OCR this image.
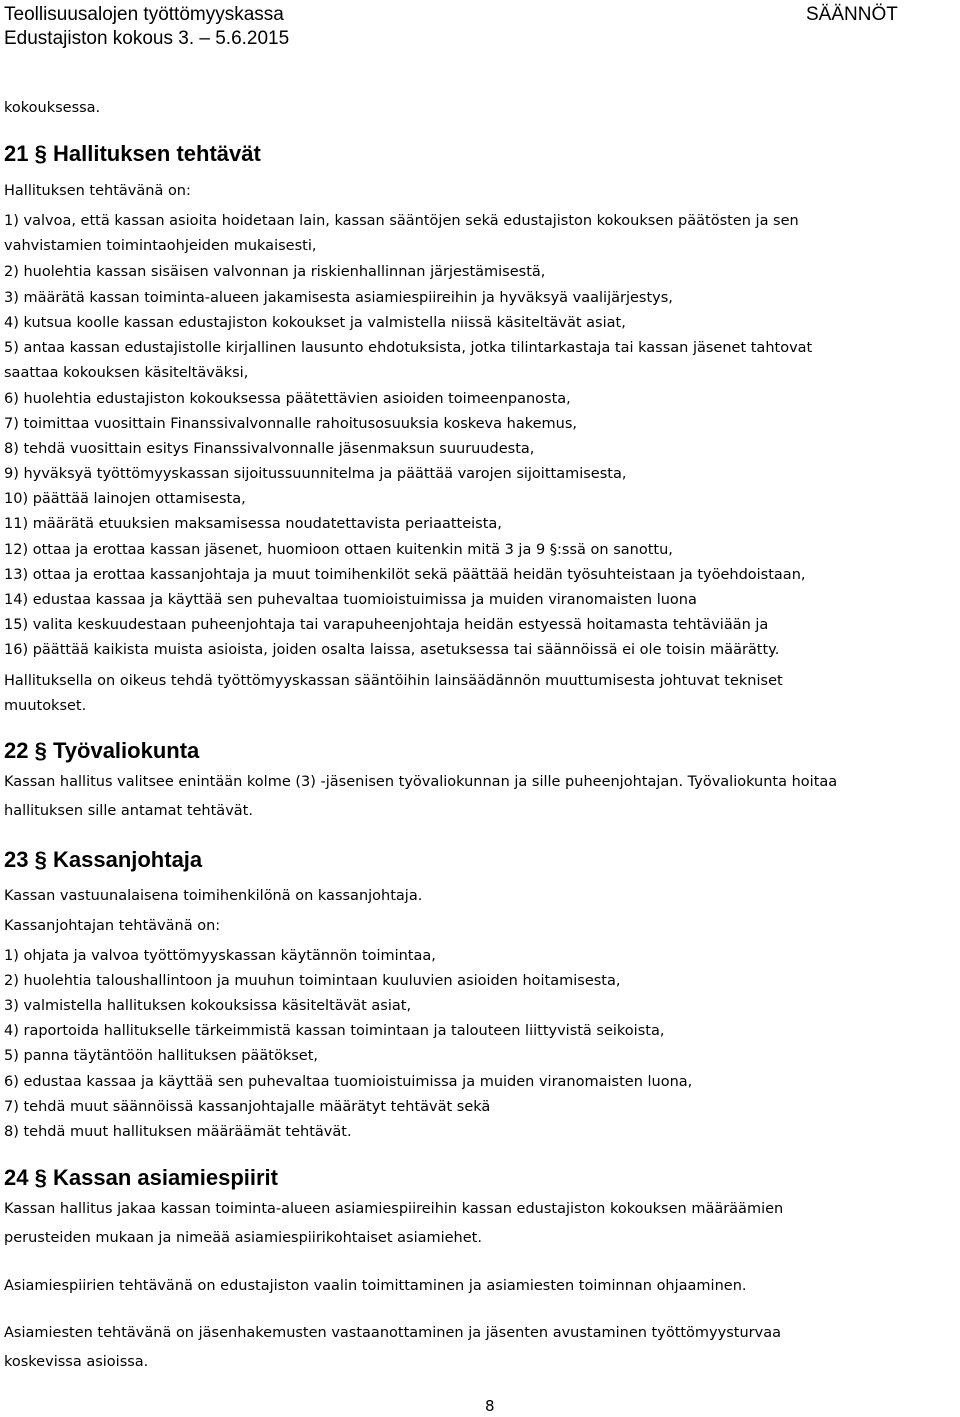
Teollisuusalojen työttömyyskassa
Edustajiston kokous 3. – 5.6.2015
SÄÄNNÖT
kokouksessa.
21 § Hallituksen tehtävät
Hallituksen tehtävänä on:
1) valvoa, että kassan asioita hoidetaan lain, kassan sääntöjen sekä edustajiston kokouksen päätösten ja sen
vahvistamien toimintaohjeiden mukaisesti,
2) huolehtia kassan sisäisen valvonnan ja riskienhallinnan järjestämisestä,
3) määrätä kassan toiminta-alueen jakamisesta asiamiespiireihin ja hyväksyä vaalijärjestys,
4) kutsua koolle kassan edustajiston kokoukset ja valmistella niissä käsiteltävät asiat,
5) antaa kassan edustajistolle kirjallinen lausunto ehdotuksista, jotka tilintarkastaja tai kassan jäsenet tahtovat
saattaa kokouksen käsiteltäväksi,
6) huolehtia edustajiston kokouksessa päätettävien asioiden toimeenpanosta,
7) toimittaa vuosittain Finanssivalvonnalle rahoitusosuuksia koskeva hakemus,
8) tehdä vuosittain esitys Finanssivalvonnalle jäsenmaksun suuruudesta,
9) hyväksyä työttömyyskassan sijoitussuunnitelma ja päättää varojen sijoittamisesta,
10) päättää lainojen ottamisesta,
11) määrätä etuuksien maksamisessa noudatettavista periaatteista,
12) ottaa ja erottaa kassan jäsenet, huomioon ottaen kuitenkin mitä 3 ja 9 §:ssä on sanottu,
13) ottaa ja erottaa kassanjohtaja ja muut toimihenkilöt sekä päättää heidän työsuhteistaan ja työehdoistaan,
14) edustaa kassaa ja käyttää sen puhevaltaa tuomioistuimissa ja muiden viranomaisten luona
15) valita keskuudestaan puheenjohtaja tai varapuheenjohtaja heidän estyessä hoitamasta tehtäviään ja
16) päättää kaikista muista asioista, joiden osalta laissa, asetuksessa tai säännöissä ei ole toisin määrätty.
Hallituksella on oikeus tehdä työttömyyskassan sääntöihin lainsäädännön muuttumisesta johtuvat tekniset
muutokset.
22 § Työvaliokunta
Kassan hallitus valitsee enintään kolme (3) -jäsenisen työvaliokunnan ja sille puheenjohtajan. Työvaliokunta hoitaa
hallituksen sille antamat tehtävät.
23 § Kassanjohtaja
Kassan vastuunalaisena toimihenkilönä on kassanjohtaja.
Kassanjohtajan tehtävänä on:
1) ohjata ja valvoa työttömyyskassan käytännön toimintaa,
2) huolehtia taloushallintoon ja muuhun toimintaan kuuluvien asioiden hoitamisesta,
3) valmistella hallituksen kokouksissa käsiteltävät asiat,
4) raportoida hallitukselle tärkeimmistä kassan toimintaan ja talouteen liittyvistä seikoista,
5) panna täytäntöön hallituksen päätökset,
6) edustaa kassaa ja käyttää sen puhevaltaa tuomioistuimissa ja muiden viranomaisten luona,
7) tehdä muut säännöissä kassanjohtajalle määrätyt tehtävät sekä
8) tehdä muut hallituksen määräämät tehtävät.
24 § Kassan asiamiespiirit
Kassan hallitus jakaa kassan toiminta-alueen asiamiespiireihin kassan edustajiston kokouksen määräämien
perusteiden mukaan ja nimeää asiamiespiirikohtaiset asiamiehet.
Asiamiespiirien tehtävänä on edustajiston vaalin toimittaminen ja asiamiesten toiminnan ohjaaminen.
Asiamiesten tehtävänä on jäsenhakemusten vastaanottaminen ja jäsenten avustaminen työttömyysturvaa
koskevissa asioissa.
8
